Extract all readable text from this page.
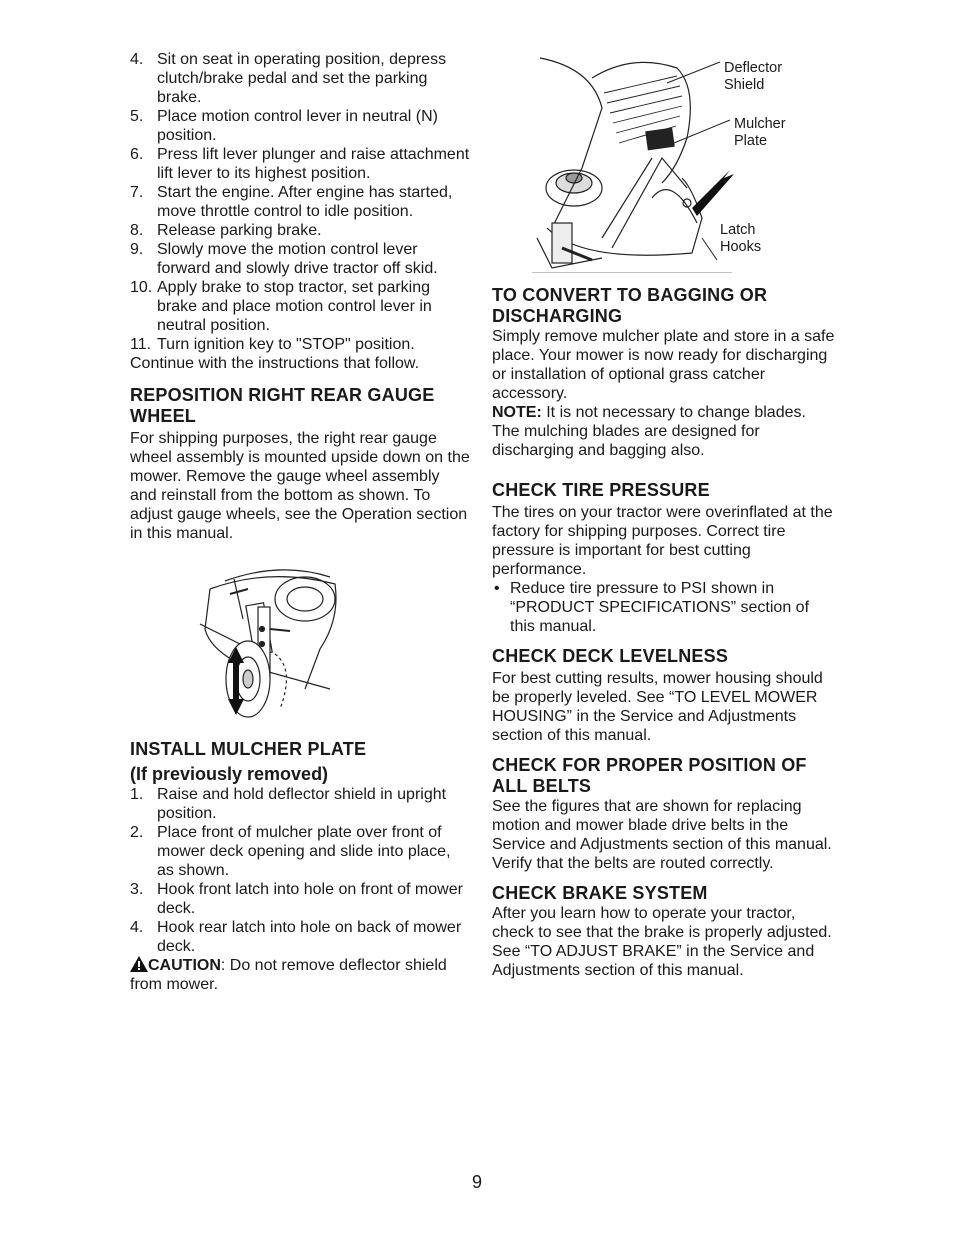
4. Sit on seat in operating position, depress clutch/brake pedal and set the parking brake.
5. Place motion control lever in neutral (N) position.
6. Press lift lever plunger and raise attachment lift lever to its highest position.
7. Start the engine. After engine has started, move throttle control to idle position.
8. Release parking brake.
9. Slowly move the motion control lever forward and slowly drive tractor off skid.
10. Apply brake to stop tractor, set parking brake and place motion control lever in neutral position.
11. Turn ignition key to "STOP" position.

Continue with the instructions that follow.

REPOSITION RIGHT REAR GAUGE WHEEL

For shipping purposes, the right rear gauge wheel assembly is mounted upside down on the mower. Remove the gauge wheel assembly and reinstall from the bottom as shown. To adjust gauge wheels, see the Operation section in this manual.

INSTALL MULCHER PLATE
(If previously removed)
1. Raise and hold deflector shield in upright position.
2. Place front of mulcher plate over front of mower deck opening and slide into place, as shown.
3. Hook front latch into hole on front of mower deck.
4. Hook rear latch into hole on back of mower deck.

CAUTION: Do not remove deflector shield from mower.

Deflector Shield
Mulcher Plate
Latch Hooks
TO CONVERT TO BAGGING OR DISCHARGING

Simply remove mulcher plate and store in a safe place. Your mower is now ready for discharging or installation of optional grass catcher accessory.

NOTE: It is not necessary to change blades. The mulching blades are designed for discharging and bagging also.

CHECK TIRE PRESSURE

The tires on your tractor were overinflated at the factory for shipping purposes. Correct tire pressure is important for best cutting performance.

• Reduce tire pressure to PSI shown in “PRODUCT SPECIFICATIONS” section of this manual.
CHECK DECK LEVELNESS

For best cutting results, mower housing should be properly leveled. See “TO LEVEL MOWER HOUSING” in the Service and Adjustments section of this manual.

CHECK FOR PROPER POSITION OF ALL BELTS

See the figures that are shown for replacing motion and mower blade drive belts in the Service and Adjustments section of this manual. Verify that the belts are routed correctly.

CHECK BRAKE SYSTEM

After you learn how to operate your tractor, check to see that the brake is properly adjusted. See “TO ADJUST BRAKE” in the Service and Adjustments section of this manual.

9
